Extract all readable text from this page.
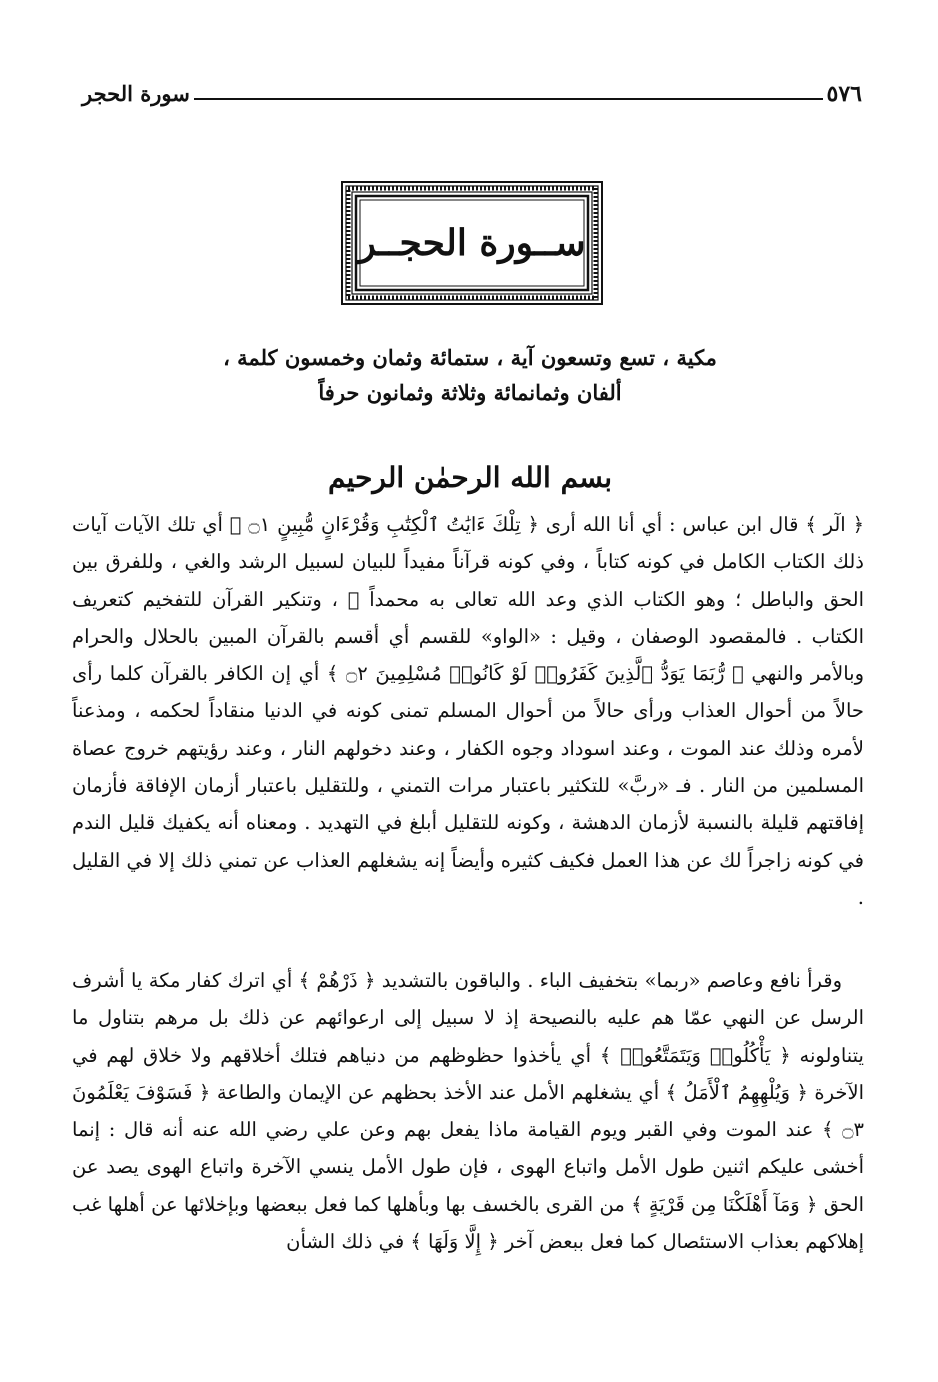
٥٧٦
سورة الحجر
ســورة الحجــر
مكية ، تسع وتسعون آية ، ستمائة وثمان وخمسون كلمة ،
ألفان وثمانمائة وثلاثة وثمانون حرفاً
بسم الله الرحمٰن الرحيم
﴿ الٓر ﴾ قال ابن عباس : أي أنا الله أرى ﴿ تِلْكَ ءَايَٰتُ ٱلْكِتَٰبِ وَقُرْءَانٍ مُّبِينٍ ۝١ ﴾ أي تلك الآيات آيات ذلك الكتاب الكامل في كونه كتاباً ، وفي كونه قرآناً مفيداً للبيان لسبيل الرشد والغي ، وللفرق بين الحق والباطل ؛ وهو الكتاب الذي وعد الله تعالى به محمداً ﷺ ، وتنكير القرآن للتفخيم كتعريف الكتاب . فالمقصود الوصفان ، وقيل : «الواو» للقسم أي أقسم بالقرآن المبين بالحلال والحرام وبالأمر والنهي ﴿ رُّبَمَا يَوَدُّ ٱلَّذِينَ كَفَرُوا۟ لَوْ كَانُوا۟ مُسْلِمِينَ ۝٢ ﴾ أي إن الكافر بالقرآن كلما رأى حالاً من أحوال العذاب ورأى حالاً من أحوال المسلم تمنى كونه في الدنيا منقاداً لحكمه ، ومذعناً لأمره وذلك عند الموت ، وعند اسوداد وجوه الكفار ، وعند دخولهم النار ، وعند رؤيتهم خروج عصاة المسلمين من النار . فـ «ربَّ» للتكثير باعتبار مرات التمني ، وللتقليل باعتبار أزمان الإفاقة فأزمان إفاقتهم قليلة بالنسبة لأزمان الدهشة ، وكونه للتقليل أبلغ في التهديد . ومعناه أنه يكفيك قليل الندم في كونه زاجراً لك عن هذا العمل فكيف كثيره وأيضاً إنه يشغلهم العذاب عن تمني ذلك إلا في القليل .
وقرأ نافع وعاصم «ربما» بتخفيف الباء . والباقون بالتشديد ﴿ ذَرْهُمْ ﴾ أي اترك كفار مكة يا أشرف الرسل عن النهي عمّا هم عليه بالنصيحة إذ لا سبيل إلى ارعوائهم عن ذلك بل مرهم بتناول ما يتناولونه ﴿ يَأْكُلُوا۟ وَيَتَمَتَّعُوا۟ ﴾ أي يأخذوا حظوظهم من دنياهم فتلك أخلاقهم ولا خلاق لهم في الآخرة ﴿ وَيُلْهِهِمُ ٱلْأَمَلُ ﴾ أي يشغلهم الأمل عند الأخذ بحظهم عن الإيمان والطاعة ﴿ فَسَوْفَ يَعْلَمُونَ ۝٣ ﴾ عند الموت وفي القبر ويوم القيامة ماذا يفعل بهم وعن علي رضي الله عنه أنه قال : إنما أخشى عليكم اثنين طول الأمل واتباع الهوى ، فإن طول الأمل ينسي الآخرة واتباع الهوى يصد عن الحق ﴿ وَمَآ أَهْلَكْنَا مِن قَرْيَةٍ ﴾ من القرى بالخسف بها وبأهلها كما فعل ببعضها وبإخلائها عن أهلها غب إهلاكهم بعذاب الاستئصال كما فعل ببعض آخر ﴿ إِلَّا وَلَهَا ﴾ في ذلك الشأن
